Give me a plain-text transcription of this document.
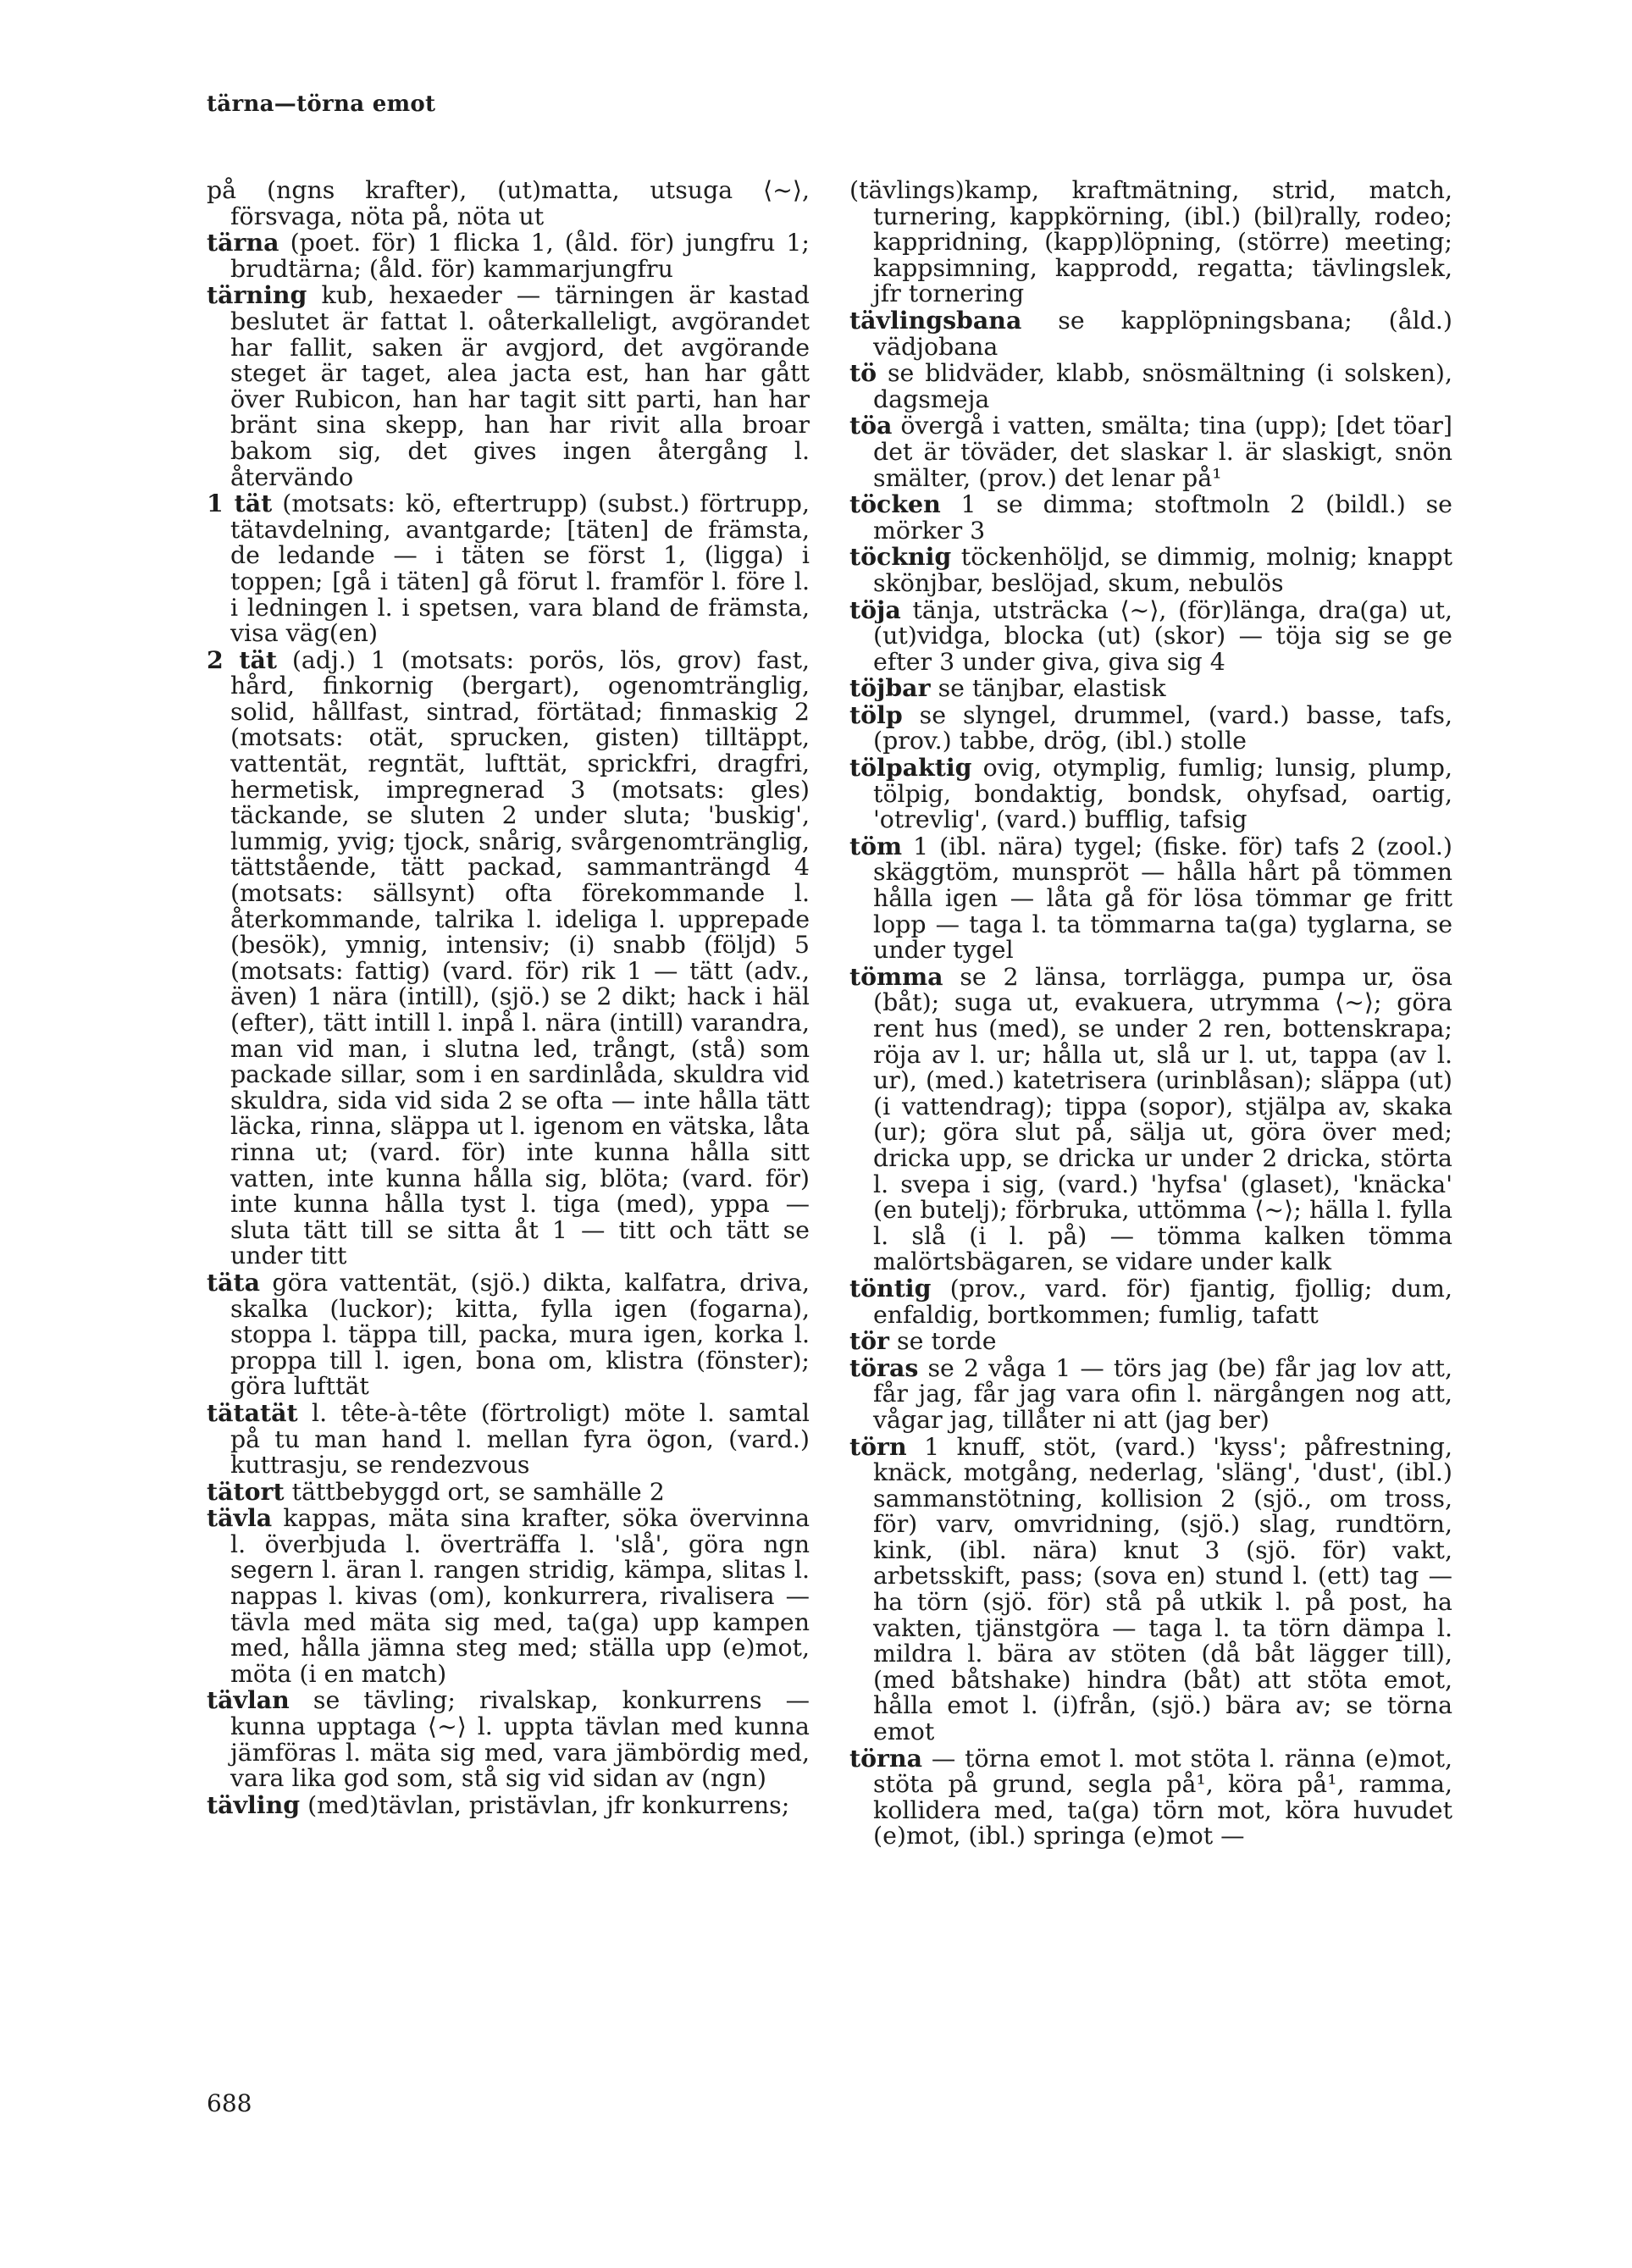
tärna—törna emot

på (ngns krafter), (ut)matta, utsuga ⟨~⟩, försvaga, nöta på, nöta ut

tärna (poet. för) 1 flicka 1, (åld. för) jungfru 1; brudtärna; (åld. för) kammarjungfru

tärning kub, hexaeder — tärningen är kastad beslutet är fattat l. oåterkalleligt, avgörandet har fallit, saken är avgjord, det avgörande steget är taget, alea jacta est, han har gått över Rubicon, han har tagit sitt parti, han har bränt sina skepp, han har rivit alla broar bakom sig, det gives ingen återgång l. återvändo

1 tät (motsats: kö, eftertrupp) (subst.) förtrupp, tätavdelning, avantgarde; [täten] de främsta, de ledande — i täten se först 1, (ligga) i toppen; [gå i täten] gå förut l. framför l. före l. i ledningen l. i spetsen, vara bland de främsta, visa väg(en)

2 tät (adj.) 1 (motsats: porös, lös, grov) fast, hård, finkornig (bergart), ogenomtränglig, solid, hållfast, sintrad, förtätad; finmaskig 2 (motsats: otät, sprucken, gisten) tilltäppt, vattentät, regntät, lufttät, sprickfri, dragfri, hermetisk, impregnerad 3 (motsats: gles) täckande, se sluten 2 under sluta; 'buskig', lummig, yvig; tjock, snårig, svårgenomtränglig, tättstående, tätt packad, sammanträngd 4 (motsats: sällsynt) ofta förekommande l. återkommande, talrika l. ideliga l. upprepade (besök), ymnig, intensiv; (i) snabb (följd) 5 (motsats: fattig) (vard. för) rik 1 — tätt (adv., även) 1 nära (intill), (sjö.) se 2 dikt; hack i häl (efter), tätt intill l. inpå l. nära (intill) varandra, man vid man, i slutna led, trångt, (stå) som packade sillar, som i en sardinlåda, skuldra vid skuldra, sida vid sida 2 se ofta — inte hålla tätt läcka, rinna, släppa ut l. igenom en vätska, låta rinna ut; (vard. för) inte kunna hålla sitt vatten, inte kunna hålla sig, blöta; (vard. för) inte kunna hålla tyst l. tiga (med), yppa — sluta tätt till se sitta åt 1 — titt och tätt se under titt

täta göra vattentät, (sjö.) dikta, kalfatra, driva, skalka (luckor); kitta, fylla igen (fogarna), stoppa l. täppa till, packa, mura igen, korka l. proppa till l. igen, bona om, klistra (fönster); göra lufttät

tätatät l. tête-à-tête (förtroligt) möte l. samtal på tu man hand l. mellan fyra ögon, (vard.) kuttrasju, se rendezvous

tätort tättbebyggd ort, se samhälle 2

tävla kappas, mäta sina krafter, söka övervinna l. överbjuda l. överträffa l. 'slå', göra ngn segern l. äran l. rangen stridig, kämpa, slitas l. nappas l. kivas (om), konkurrera, rivalisera — tävla med mäta sig med, ta(ga) upp kampen med, hålla jämna steg med; ställa upp (e)mot, möta (i en match)

tävlan se tävling; rivalskap, konkurrens — kunna upptaga ⟨~⟩ l. uppta tävlan med kunna jämföras l. mäta sig med, vara jämbördig med, vara lika god som, stå sig vid sidan av (ngn)

tävling (med)tävlan, pristävlan, jfr konkurrens;

(tävlings)kamp, kraftmätning, strid, match, turnering, kappkörning, (ibl.) (bil)rally, rodeo; kappridning, (kapp)löpning, (större) meeting; kappsimning, kapprodd, regatta; tävlingslek, jfr tornering

tävlingsbana se kapplöpningsbana; (åld.) vädjobana

tö se blidväder, klabb, snösmältning (i solsken), dagsmeja

töa övergå i vatten, smälta; tina (upp); [det töar] det är töväder, det slaskar l. är slaskigt, snön smälter, (prov.) det lenar på¹

töcken 1 se dimma; stoftmoln 2 (bildl.) se mörker 3

töcknig töckenhöljd, se dimmig, molnig; knappt skönjbar, beslöjad, skum, nebulös

töja tänja, utsträcka ⟨~⟩, (för)länga, dra(ga) ut, (ut)vidga, blocka (ut) (skor) — töja sig se ge efter 3 under giva, giva sig 4

töjbar se tänjbar, elastisk

tölp se slyngel, drummel, (vard.) basse, tafs, (prov.) tabbe, drög, (ibl.) stolle

tölpaktig ovig, otymplig, fumlig; lunsig, plump, tölpig, bondaktig, bondsk, ohyfsad, oartig, 'otrevlig', (vard.) bufflig, tafsig

töm 1 (ibl. nära) tygel; (fiske. för) tafs 2 (zool.) skäggtöm, munspröt — hålla hårt på tömmen hålla igen — låta gå för lösa tömmar ge fritt lopp — taga l. ta tömmarna ta(ga) tyglarna, se under tygel

tömma se 2 länsa, torrlägga, pumpa ur, ösa (båt); suga ut, evakuera, utrymma ⟨~⟩; göra rent hus (med), se under 2 ren, bottenskrapa; röja av l. ur; hålla ut, slå ur l. ut, tappa (av l. ur), (med.) katetrisera (urinblåsan); släppa (ut) (i vattendrag); tippa (sopor), stjälpa av, skaka (ur); göra slut på, sälja ut, göra över med; dricka upp, se dricka ur under 2 dricka, störta l. svepa i sig, (vard.) 'hyfsa' (glaset), 'knäcka' (en butelj); förbruka, uttömma ⟨~⟩; hälla l. fylla l. slå (i l. på) — tömma kalken tömma malörtsbägaren, se vidare under kalk

töntig (prov., vard. för) fjantig, fjollig; dum, enfaldig, bortkommen; fumlig, tafatt

tör se torde

töras se 2 våga 1 — törs jag (be) får jag lov att, får jag, får jag vara ofin l. närgången nog att, vågar jag, tillåter ni att (jag ber)

törn 1 knuff, stöt, (vard.) 'kyss'; påfrestning, knäck, motgång, nederlag, 'släng', 'dust', (ibl.) sammanstötning, kollision 2 (sjö., om tross, för) varv, omvridning, (sjö.) slag, rundtörn, kink, (ibl. nära) knut 3 (sjö. för) vakt, arbetsskift, pass; (sova en) stund l. (ett) tag — ha törn (sjö. för) stå på utkik l. på post, ha vakten, tjänstgöra — taga l. ta törn dämpa l. mildra l. bära av stöten (då båt lägger till), (med båtshake) hindra (båt) att stöta emot, hålla emot l. (i)från, (sjö.) bära av; se törna emot

törna — törna emot l. mot stöta l. ränna (e)mot, stöta på grund, segla på¹, köra på¹, ramma, kollidera med, ta(ga) törn mot, köra huvudet (e)mot, (ibl.) springa (e)mot —

688
